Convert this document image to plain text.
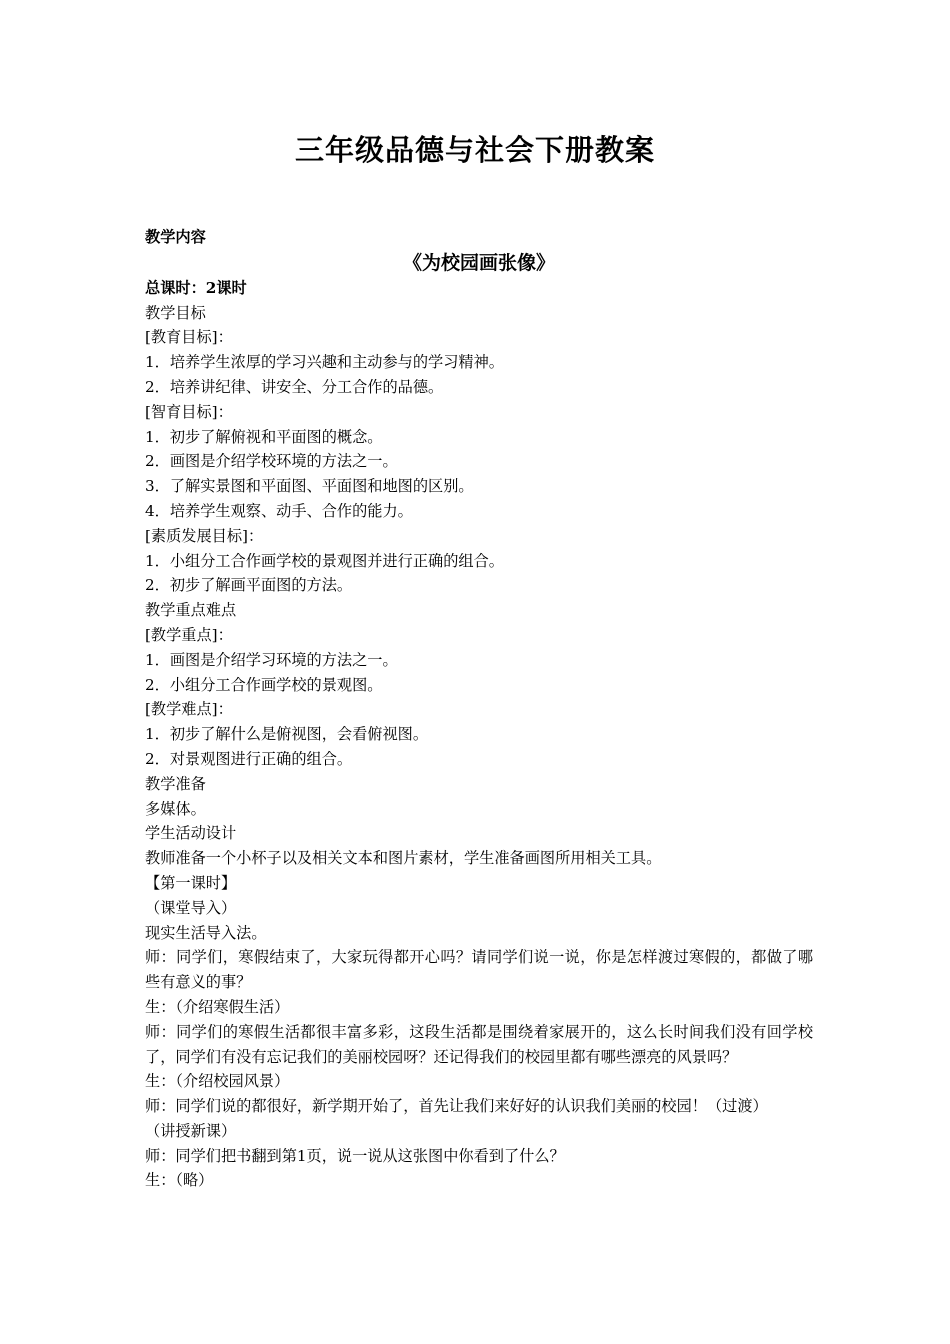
三年级品德与社会下册教案

教学内容

《为校园画张像》

总课时：2课时

教学目标

[教育目标]：

1．培养学生浓厚的学习兴趣和主动参与的学习精神。

2．培养讲纪律、讲安全、分工合作的品德。

[智育目标]：

1．初步了解俯视和平面图的概念。

2．画图是介绍学校环境的方法之一。

3．了解实景图和平面图、平面图和地图的区别。

4．培养学生观察、动手、合作的能力。

[素质发展目标]：

1．小组分工合作画学校的景观图并进行正确的组合。

2．初步了解画平面图的方法。

教学重点难点

[教学重点]：

1．画图是介绍学习环境的方法之一。

2．小组分工合作画学校的景观图。

[教学难点]：

1．初步了解什么是俯视图，会看俯视图。

2．对景观图进行正确的组合。

教学准备

多媒体。

学生活动设计

教师准备一个小杯子以及相关文本和图片素材，学生准备画图所用相关工具。

【第一课时】

（课堂导入）

现实生活导入法。

师：同学们，寒假结束了，大家玩得都开心吗？请同学们说一说，你是怎样渡过寒假的，都做了哪些有意义的事？

生：（介绍寒假生活）

师：同学们的寒假生活都很丰富多彩，这段生活都是围绕着家展开的，这么长时间我们没有回学校了，同学们有没有忘记我们的美丽校园呀？还记得我们的校园里都有哪些漂亮的风景吗？

生：（介绍校园风景）

师：同学们说的都很好，新学期开始了，首先让我们来好好的认识我们美丽的校园！（过渡）

（讲授新课）

师：同学们把书翻到第1页，说一说从这张图中你看到了什么？

生：（略）
